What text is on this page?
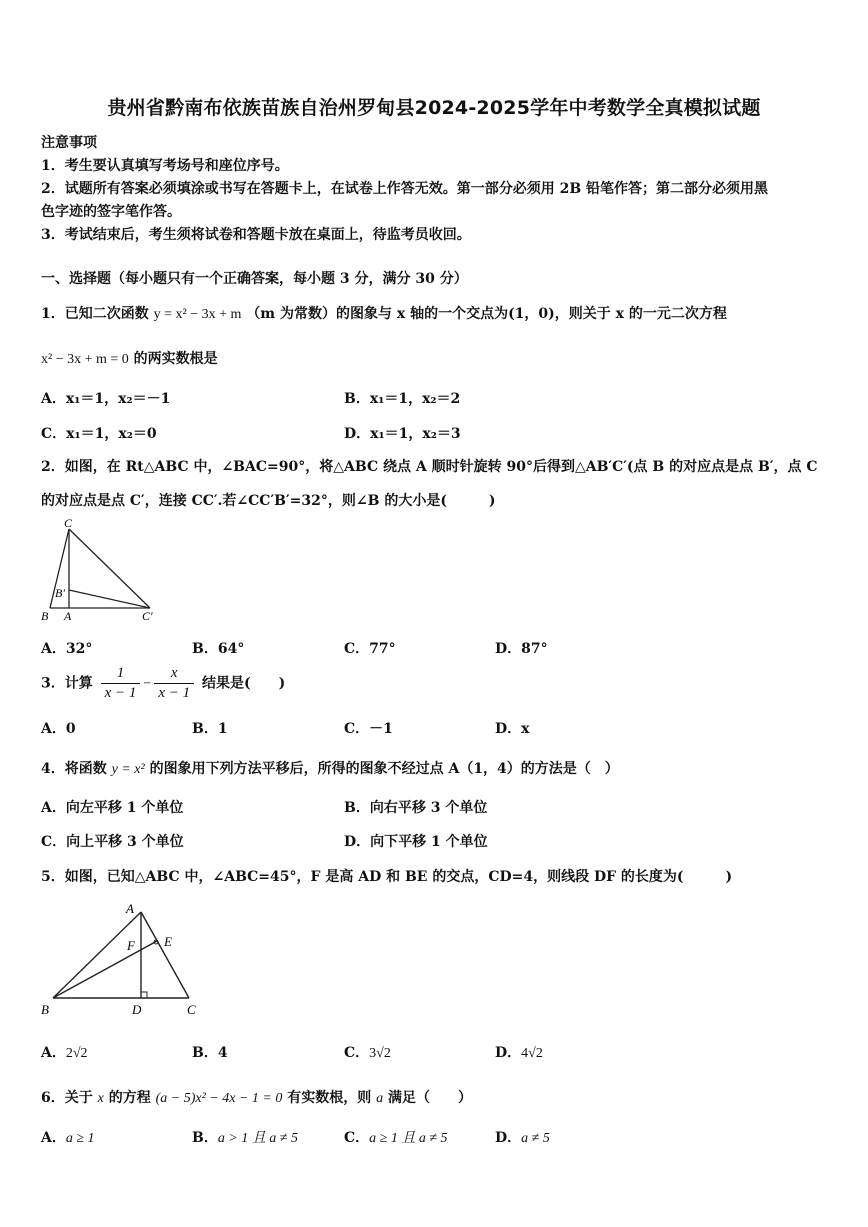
贵州省黔南布依族苗族自治州罗甸县2024-2025学年中考数学全真模拟试题
注意事项
1．考生要认真填写考场号和座位序号。
2．试题所有答案必须填涂或书写在答题卡上，在试卷上作答无效。第一部分必须用 2B 铅笔作答；第二部分必须用黑
色字迹的签字笔作答。
3．考试结束后，考生须将试卷和答题卡放在桌面上，待监考员收回。
一、选择题（每小题只有一个正确答案，每小题 3 分，满分 30 分）
1．已知二次函数 y = x² − 3x + m （m 为常数）的图象与 x 轴的一个交点为(1，0)，则关于 x 的一元二次方程
x² − 3x + m = 0 的两实数根是
A．x₁＝1，x₂＝－1	B．x₁＝1，x₂＝2
C．x₁＝1，x₂＝0	D．x₁＝1，x₂＝3
2．如图，在 Rt△ABC 中，∠BAC=90°，将△ABC 绕点 A 顺时针旋转 90°后得到△AB′C′(点 B 的对应点是点 B′，点 C
的对应点是点 C′，连接 CC′.若∠CC′B′=32°，则∠B 的大小是(　　　)
C
B′
B A	C′
A．32°	B．64°	C．77°	D．87°
3．计算 $\frac{1}{x - 1} - \frac{x}{x - 1}$ 结果是(　　)
A．0	B．1	C．－1	D．x
4．将函数 y = x² 的图象用下列方法平移后，所得的图象不经过点 A（1，4）的方法是（　）
A．向左平移 1 个单位	B．向右平移 3 个单位
C．向上平移 3 个单位	D．向下平移 1 个单位
5．如图，已知△ABC 中，∠ABC=45°，F 是高 AD 和 BE 的交点，CD=4，则线段 DF 的长度为(　　　)
A
F E
B	D	C
A．2√2	B．4	C．3√2	D．4√2
6．关于 x 的方程 (a − 5)x² − 4x − 1 = 0 有实数根，则 a 满足（　　）
A．a ≥ 1	B．a > 1 且 a ≠ 5	C．a ≥ 1 且 a ≠ 5	D．a ≠ 5
